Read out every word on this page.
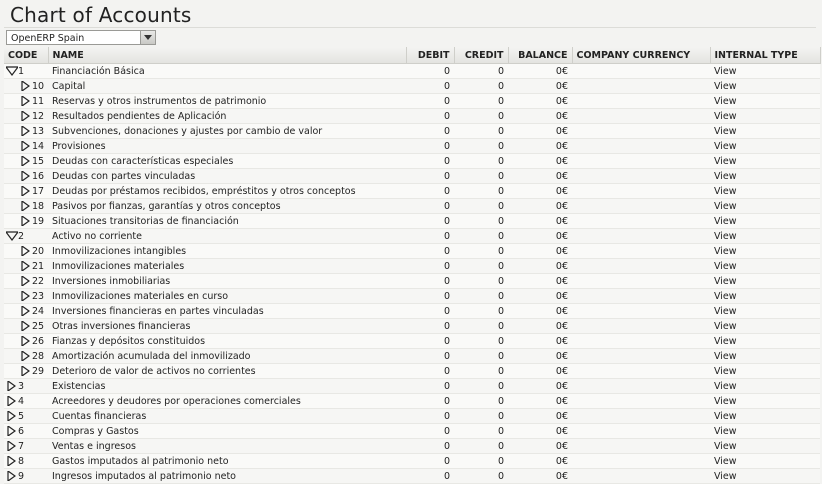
Chart of Accounts
OpenERP Spain
CODE	NAME	DEBIT	CREDIT	BALANCE	COMPANY CURRENCY	INTERNAL TYPE

1	Financiación Básica	0	0	0€		View

10	Capital	0	0	0€		View

11	Reservas y otros instrumentos de patrimonio	0	0	0€		View

12	Resultados pendientes de Aplicación	0	0	0€		View

13	Subvenciones, donaciones y ajustes por cambio de valor	0	0	0€		View

14	Provisiones	0	0	0€		View

15	Deudas con características especiales	0	0	0€		View

16	Deudas con partes vinculadas	0	0	0€		View

17	Deudas por préstamos recibidos, empréstitos y otros conceptos	0	0	0€		View

18	Pasivos por fianzas, garantías y otros conceptos	0	0	0€		View

19	Situaciones transitorias de financiación	0	0	0€		View

2	Activo no corriente	0	0	0€		View

20	Inmovilizaciones intangibles	0	0	0€		View

21	Inmovilizaciones materiales	0	0	0€		View

22	Inversiones inmobiliarias	0	0	0€		View

23	Inmovilizaciones materiales en curso	0	0	0€		View

24	Inversiones financieras en partes vinculadas	0	0	0€		View

25	Otras inversiones financieras	0	0	0€		View

26	Fianzas y depósitos constituidos	0	0	0€		View

28	Amortización acumulada del inmovilizado	0	0	0€		View

29	Deterioro de valor de activos no corrientes	0	0	0€		View

3	Existencias	0	0	0€		View

4	Acreedores y deudores por operaciones comerciales	0	0	0€		View

5	Cuentas financieras	0	0	0€		View

6	Compras y Gastos	0	0	0€		View

7	Ventas e ingresos	0	0	0€		View

8	Gastos imputados al patrimonio neto	0	0	0€		View

9	Ingresos imputados al patrimonio neto	0	0	0€		View
